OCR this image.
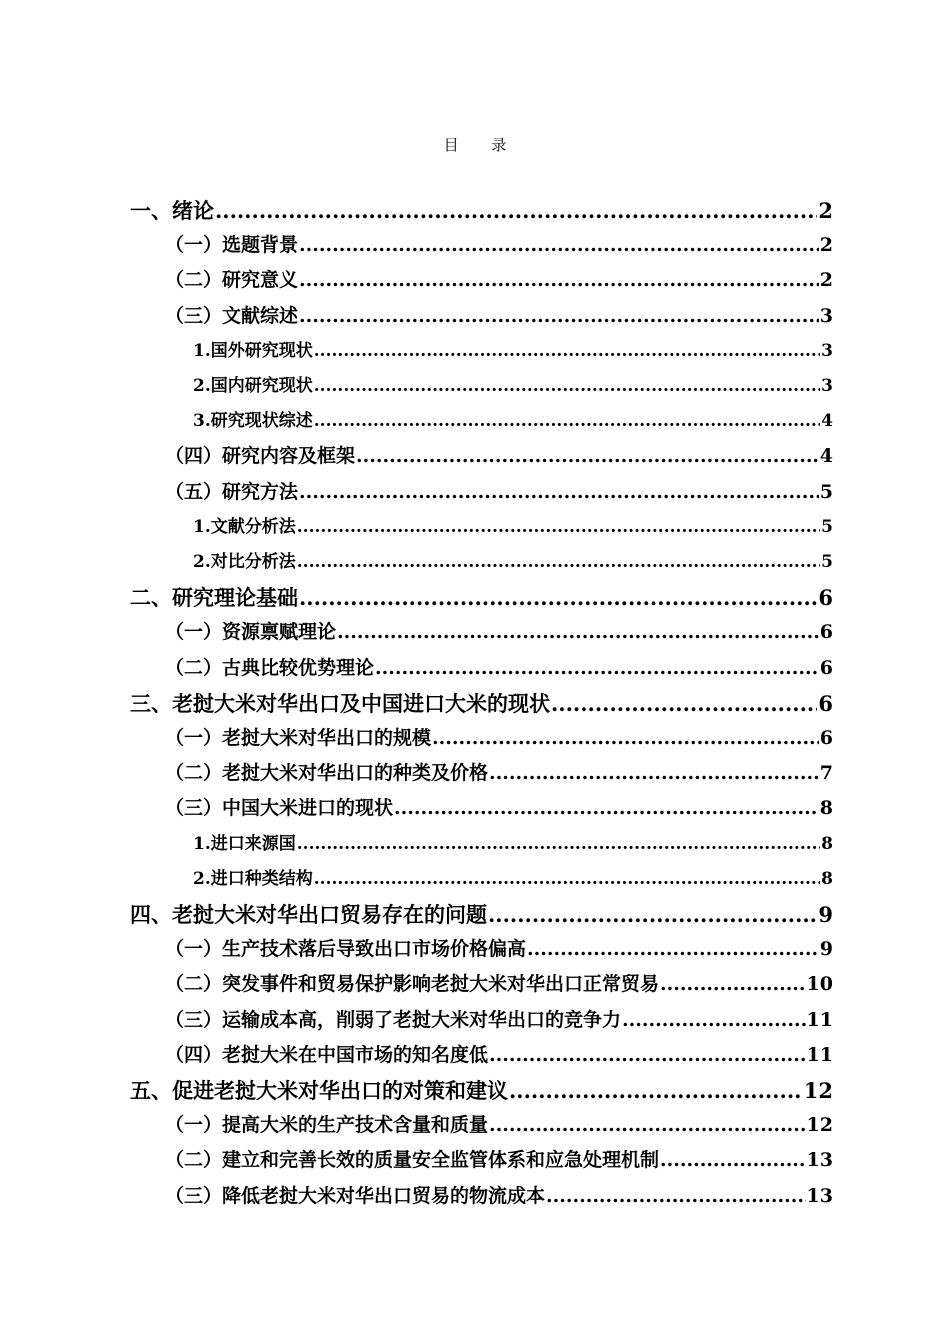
目 录
一、绪论 .....	2
（一）选题背景 .....	2
（二）研究意义 .....	2
（三）文献综述 .....	3
1.国外研究现状 .....	3
2.国内研究现状 .....	3
3.研究现状综述 .....	4
（四）研究内容及框架 .....	4
（五）研究方法 .....	5
1.文献分析法 .....	5
2.对比分析法 .....	5
二、研究理论基础 .....	6
（一）资源禀赋理论 .....	6
（二）古典比较优势理论 .....	6
三、老挝大米对华出口及中国进口大米的现状 .....	6
（一）老挝大米对华出口的规模 .....	6
（二）老挝大米对华出口的种类及价格 .....	7
（三）中国大米进口的现状 .....	8
1.进口来源国 .....	8
2.进口种类结构 .....	8
四、老挝大米对华出口贸易存在的问题 .....	9
（一）生产技术落后导致出口市场价格偏高 .....	9
（二）突发事件和贸易保护影响老挝大米对华出口正常贸易 .....	10
（三）运输成本高，削弱了老挝大米对华出口的竞争力 .....	11
（四）老挝大米在中国市场的知名度低 .....	11
五、促进老挝大米对华出口的对策和建议 .....	12
（一）提高大米的生产技术含量和质量 .....	12
（二）建立和完善长效的质量安全监管体系和应急处理机制 .....	13
（三）降低老挝大米对华出口贸易的物流成本 .....	13
